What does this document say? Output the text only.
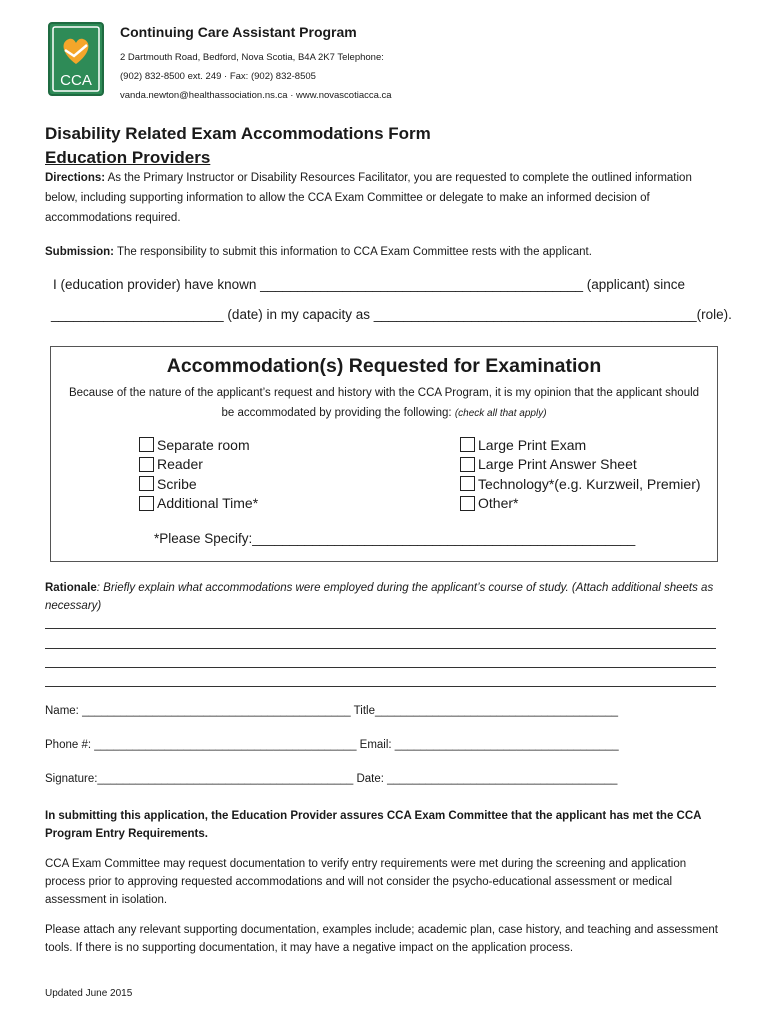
CCA
Continuing Care Assistant Program
2 Dartmouth Road, Bedford, Nova Scotia, B4A 2K7 Telephone:
(902) 832-8500 ext. 249 · Fax: (902) 832-8505
vanda.newton@healthassociation.ns.ca · www.novascotiacca.ca
Disability Related Exam Accommodations Form
Education Providers
Directions: As the Primary Instructor or Disability Resources Facilitator, you are requested to complete the outlined information below, including supporting information to allow the CCA Exam Committee or delegate to make an informed decision of accommodations required.
Submission: The responsibility to submit this information to CCA Exam Committee rests with the applicant.
I (education provider) have known ___________________________________________ (applicant) since
_______________________ (date) in my capacity as ___________________________________________(role).
Accommodation(s) Requested for Examination
Because of the nature of the applicant’s request and history with the CCA Program, it is my opinion that the applicant should be accommodated by providing the following: (check all that apply)
Separate room
Reader
Scribe
Additional Time*
Large Print Exam
Large Print Answer Sheet
Technology*(e.g. Kurzweil, Premier)
Other*
*Please Specify:___________________________________________________
Rationale: Briefly explain what accommodations were employed during the applicant’s course of study. (Attach additional sheets as necessary)
Name: __________________________________________ Title______________________________________
Phone #: _________________________________________ Email: ___________________________________
Signature:________________________________________ Date: ____________________________________
In submitting this application, the Education Provider assures CCA Exam Committee that the applicant has met the CCA Program Entry Requirements.
CCA Exam Committee may request documentation to verify entry requirements were met during the screening and application process prior to approving requested accommodations and will not consider the psycho-educational assessment or medical assessment in isolation.
Please attach any relevant supporting documentation, examples include; academic plan, case history, and teaching and assessment tools. If there is no supporting documentation, it may have a negative impact on the application process.
Updated June 2015
